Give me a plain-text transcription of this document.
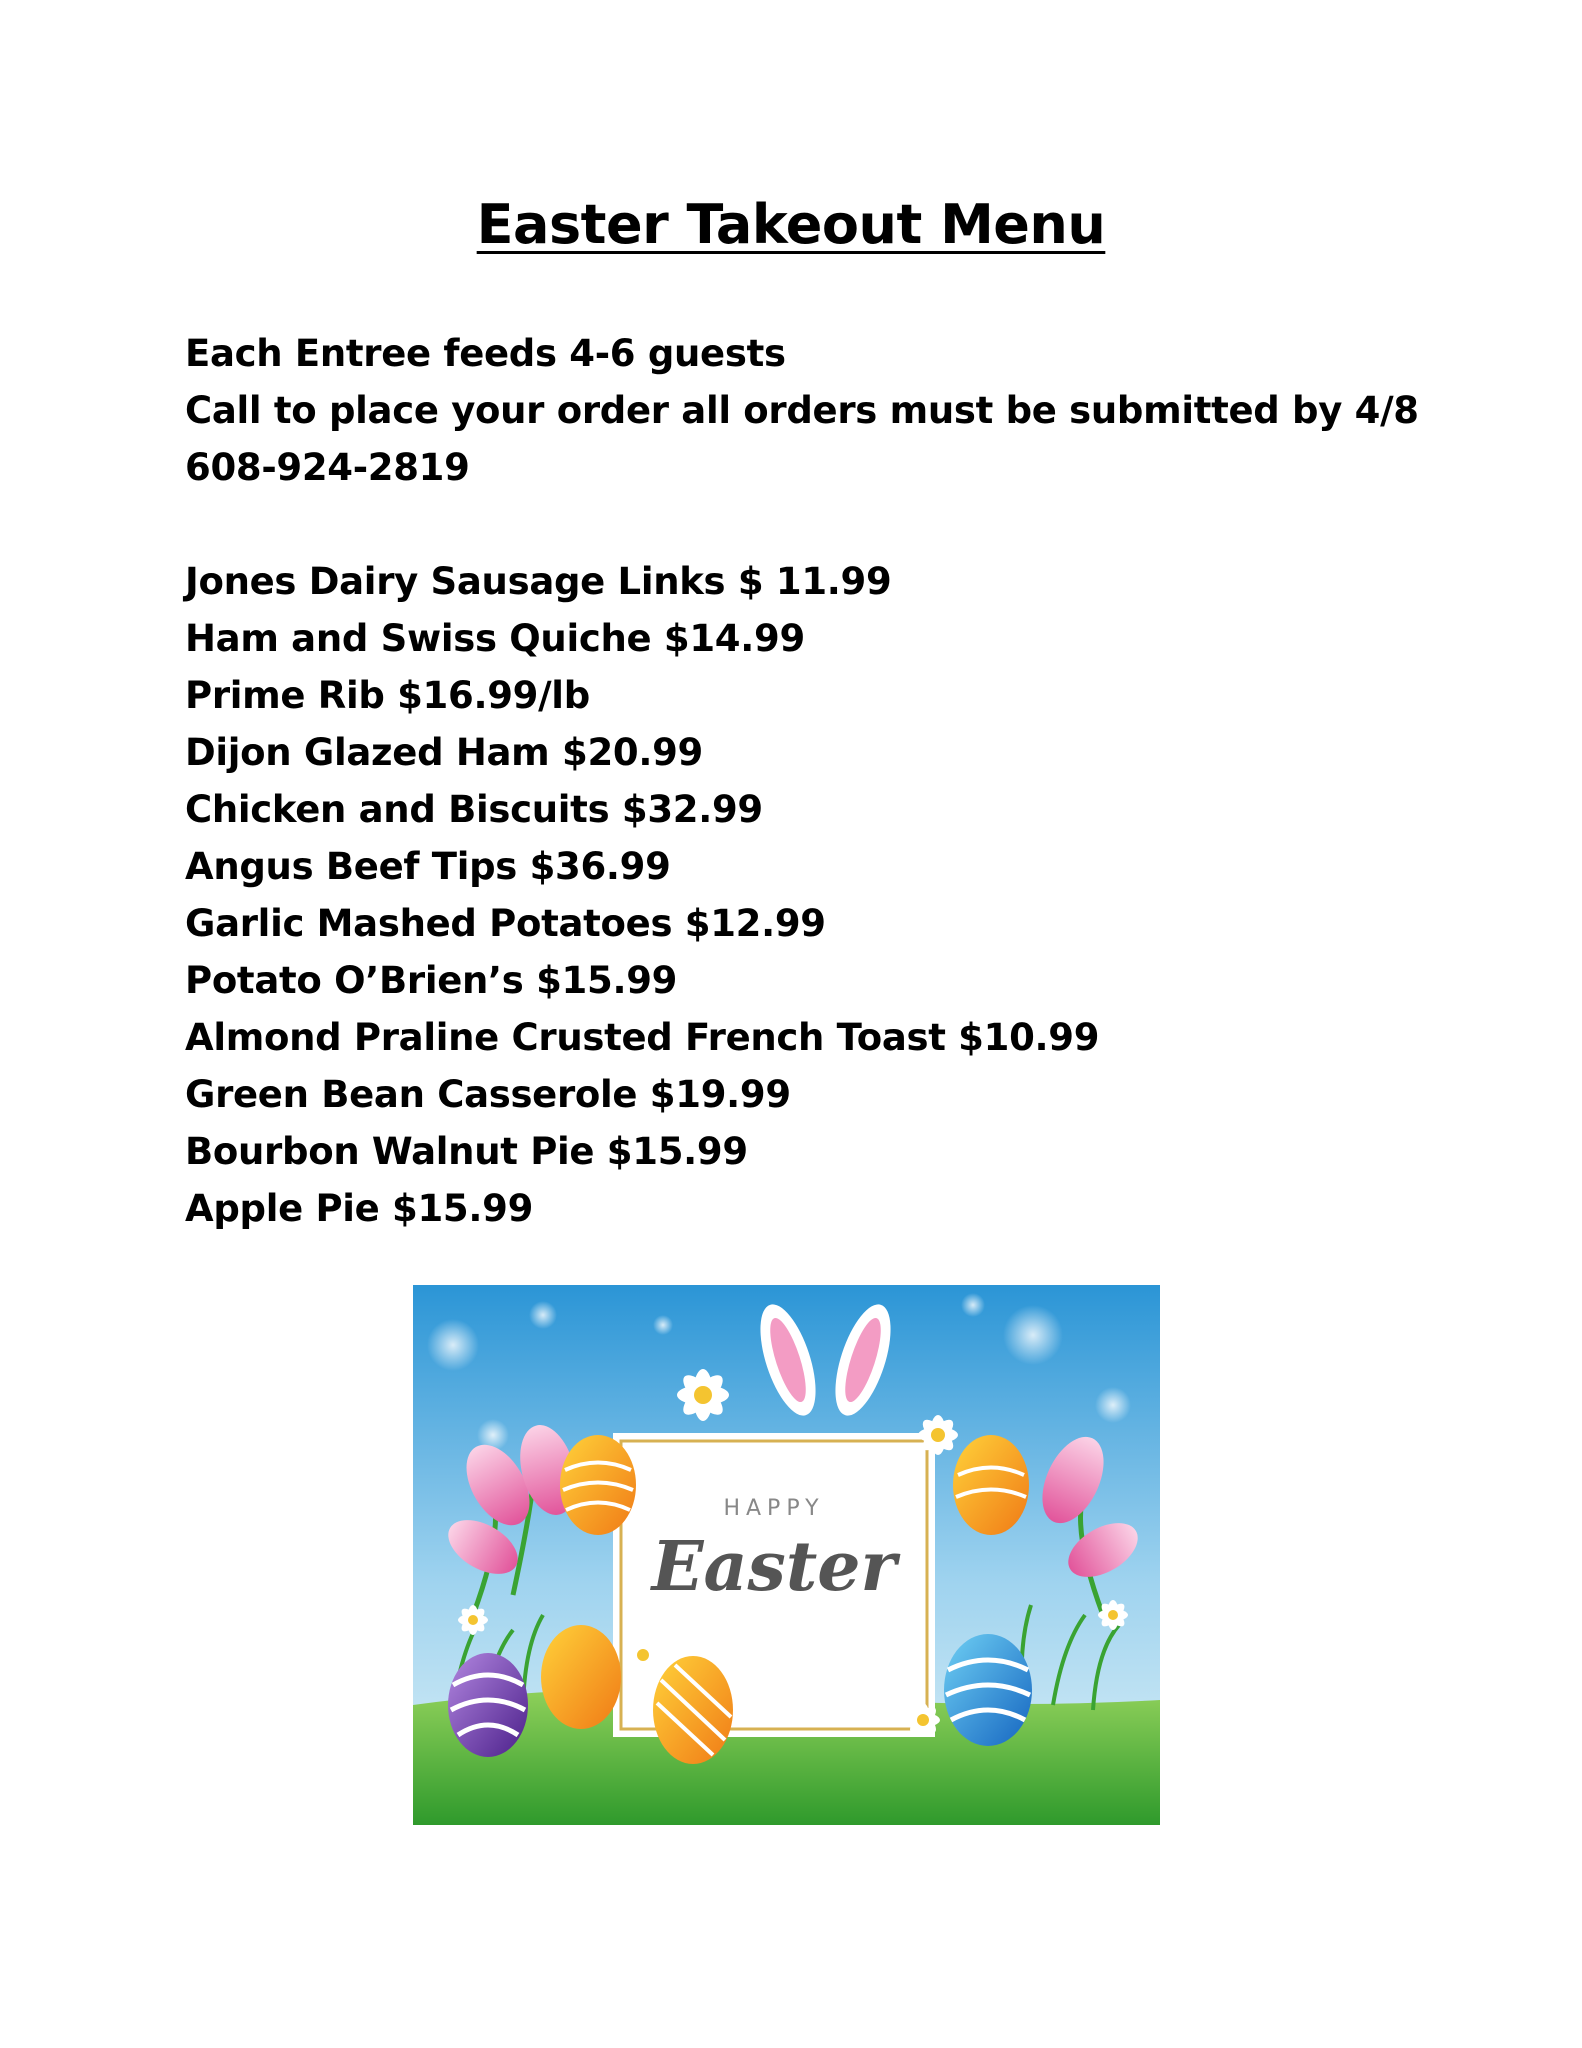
Easter Takeout Menu
Each Entree feeds 4-6 guests
Call to place your order all orders must be submitted by 4/8
608-924-2819
Jones Dairy Sausage Links $ 11.99
Ham and Swiss Quiche $14.99
Prime Rib $16.99/lb
Dijon Glazed Ham $20.99
Chicken and Biscuits $32.99
Angus Beef Tips $36.99
Garlic Mashed Potatoes $12.99
Potato O’Brien’s $15.99
Almond Praline Crusted French Toast $10.99
Green Bean Casserole $19.99
Bourbon Walnut Pie $15.99
Apple Pie $15.99
HAPPY
Easter
